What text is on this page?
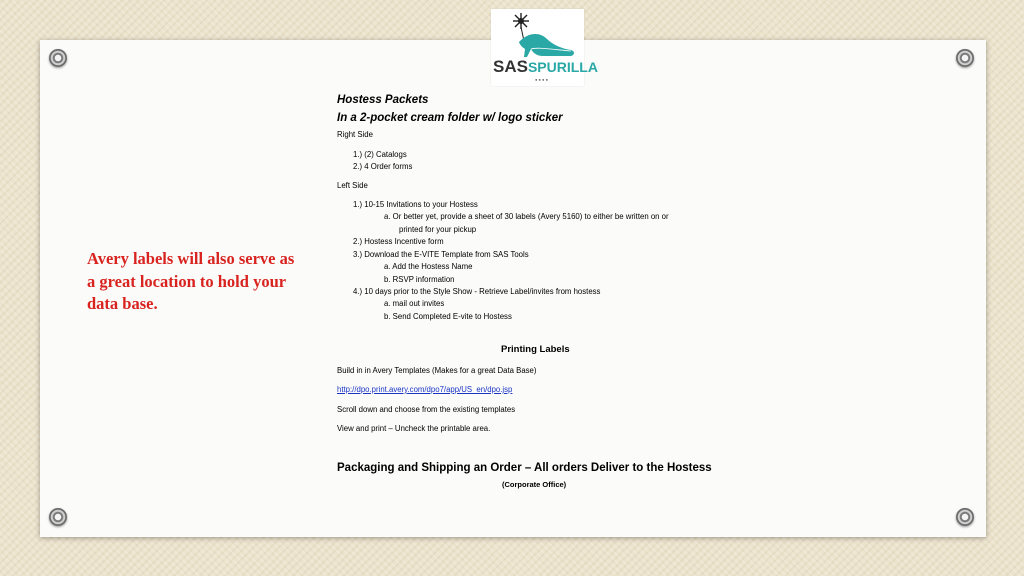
SASSPURILLA
● ● ● ●
Avery labels will also serve as a great location to hold your data base.
Hostess Packets
In a 2-pocket cream folder w/ logo sticker
Right Side
1.) (2) Catalogs
2.) 4 Order forms
Left Side
1.) 10-15 Invitations to your Hostess
a. Or better yet, provide a sheet of 30 labels (Avery 5160) to either be written on or
printed for your pickup
2.) Hostess Incentive form
3.) Download the E-VITE Template from SAS Tools
a. Add the Hostess Name
b. RSVP information
4.) 10 days prior to the Style Show - Retrieve Label/invites from hostess
a. mail out invites
b. Send Completed E-vite to Hostess
Printing Labels
Build in in Avery Templates (Makes for a great Data Base)
http://dpo.print.avery.com/dpo7/app/US_en/dpo.jsp
Scroll down and choose from the existing templates
View and print – Uncheck the printable area.
Packaging and Shipping an Order – All orders Deliver to the Hostess
(Corporate Office)
